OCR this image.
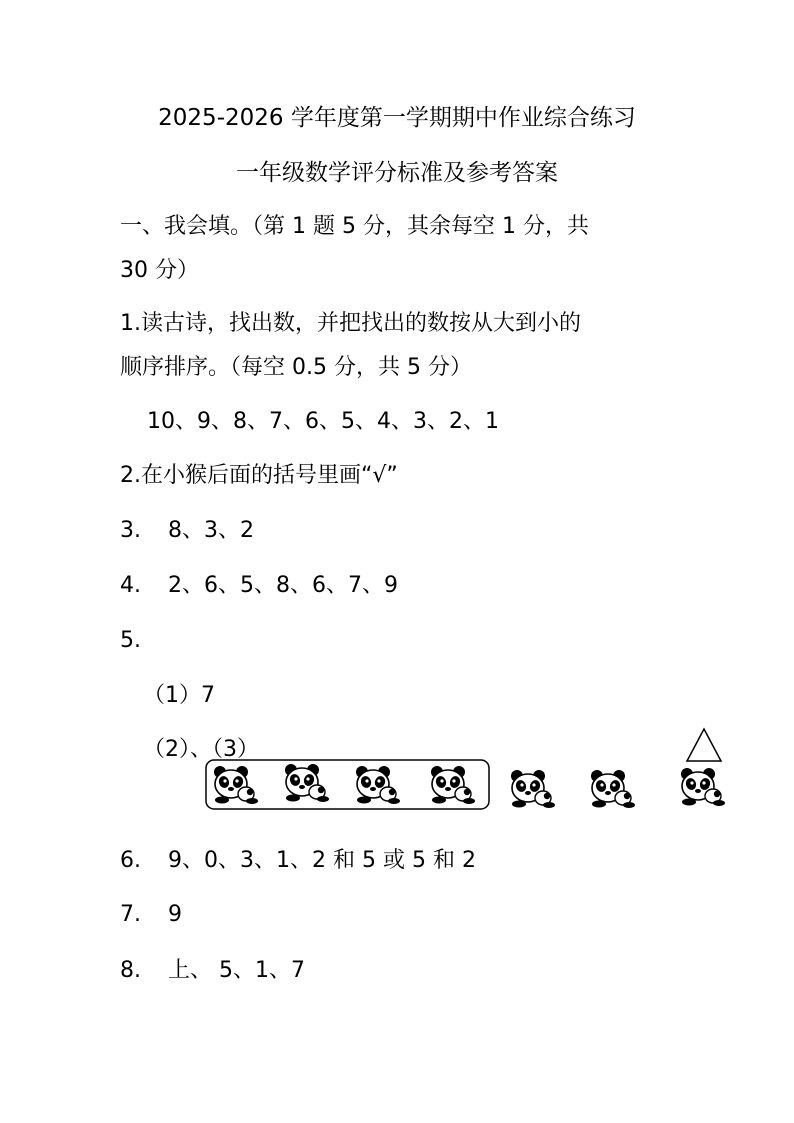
2025-2026 学年度第一学期期中作业综合练习
一年级数学评分标准及参考答案
一、我会填。（第 1 题 5 分，其余每空 1 分，共
30 分）
1.读古诗，找出数，并把找出的数按从大到小的
顺序排序。（每空 0.5 分，共 5 分）
10、9、8、7、6、5、4、3、2、1
2.在小猴后面的括号里画“√”
3. 8、3、2
4. 2、6、5、8、6、7、9
5.
（1）7
（2）、（3）
6. 9、0、3、1、2 和 5 或 5 和 2
7. 9
8. 上、 5、1、7
